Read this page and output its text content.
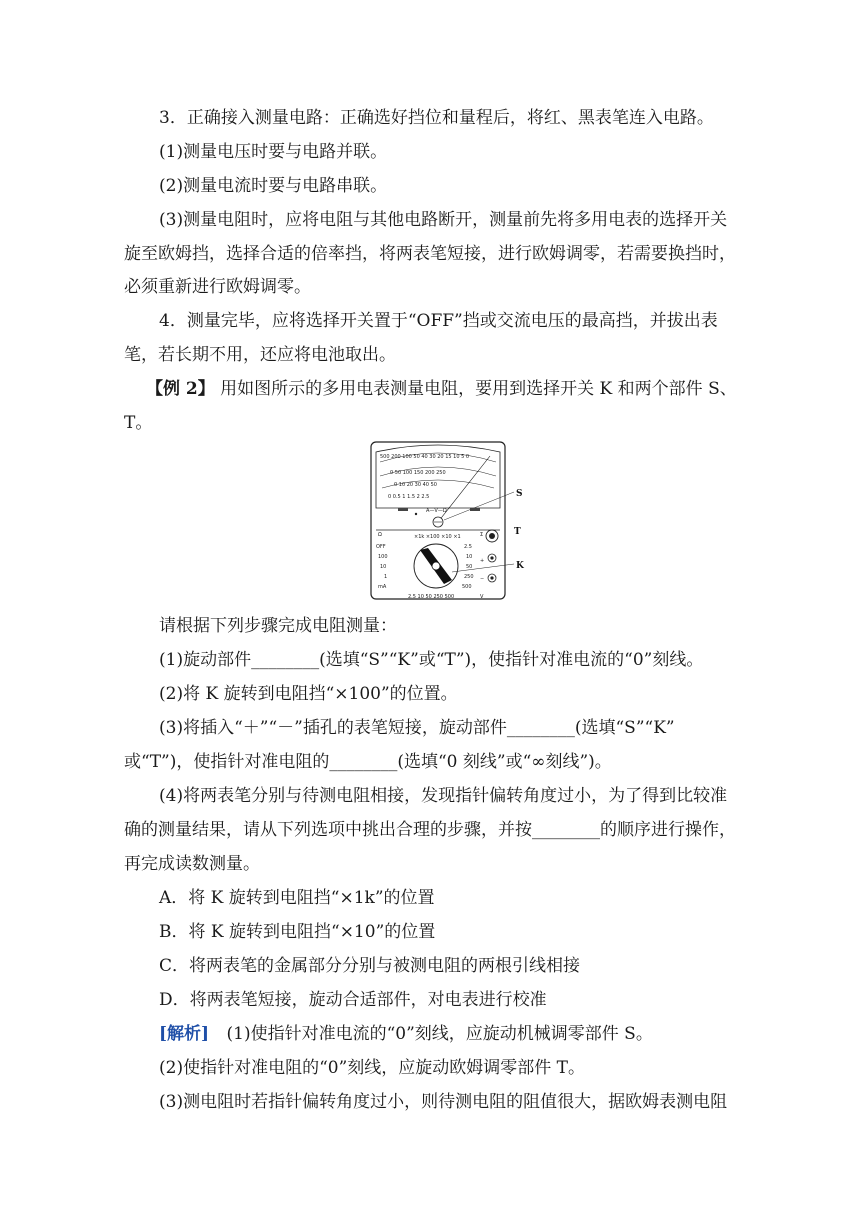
3．正确接入测量电路：正确选好挡位和量程后，将红、黑表笔连入电路。
(1)测量电压时要与电路并联。
(2)测量电流时要与电路串联。
(3)测量电阻时，应将电阻与其他电路断开，测量前先将多用电表的选择开关
旋至欧姆挡，选择合适的倍率挡，将两表笔短接，进行欧姆调零，若需要换挡时，
必须重新进行欧姆调零。
4．测量完毕，应将选择开关置于“OFF”挡或交流电压的最高挡，并拔出表
笔，若长期不用，还应将电池取出。
【例 2】 用如图所示的多用电表测量电阻，要用到选择开关 K 和两个部件 S、
T。
500 200 100 50 40 30 20 15 10 5 0
0 50 100 150 200 250
0 10 20 30 40 50
0 0.5 1 1.5 2 2.5
A—V—Ω
S
Σ	T
Ω	×1k ×100 ×10 ×1
OFF
100
10
1
mA
2.5
10
50
250
500
2.5 10 50 250 500	V
+
−
K
请根据下列步骤完成电阻测量：
(1)旋动部件________(选填“S”“K”或“T”)，使指针对准电流的“0”刻线。
(2)将 K 旋转到电阻挡“×100”的位置。
(3)将插入“＋”“－”插孔的表笔短接，旋动部件________(选填“S”“K”
或“T”)，使指针对准电阻的________(选填“0 刻线”或“∞刻线”)。
(4)将两表笔分别与待测电阻相接，发现指针偏转角度过小，为了得到比较准
确的测量结果，请从下列选项中挑出合理的步骤，并按________的顺序进行操作，
再完成读数测量。
A．将 K 旋转到电阻挡“×1k”的位置
B．将 K 旋转到电阻挡“×10”的位置
C．将两表笔的金属部分分别与被测电阻的两根引线相接
D．将两表笔短接，旋动合适部件，对电表进行校准
[解析] (1)使指针对准电流的“0”刻线，应旋动机械调零部件 S。
(2)使指针对准电阻的“0”刻线，应旋动欧姆调零部件 T。
(3)测电阻时若指针偏转角度过小，则待测电阻的阻值很大，据欧姆表测电阻
